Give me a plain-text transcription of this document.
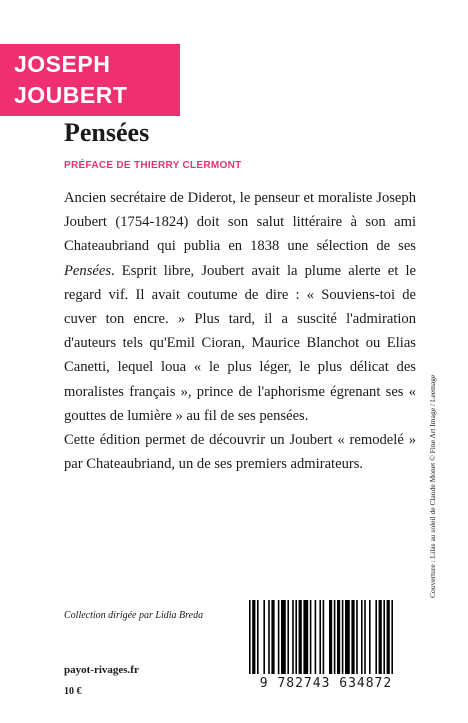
JOSEPH
JOUBERT
Pensées
PRÉFACE DE THIERRY CLERMONT

Ancien secrétaire de Diderot, le penseur et moraliste Joseph Joubert (1754-1824) doit son salut littéraire à son ami Chateaubriand qui publia en 1838 une sélection de ses Pensées. Esprit libre, Joubert avait la plume alerte et le regard vif. Il avait coutume de dire : « Souviens-toi de cuver ton encre. » Plus tard, il a suscité l'admiration d'auteurs tels qu'Emil Cioran, Maurice Blanchot ou Elias Canetti, lequel loua « le plus léger, le plus délicat des moralistes français », prince de l'aphorisme égrenant ses « gouttes de lumière » au fil de ses pensées.

Cette édition permet de découvrir un Joubert « remodelé » par Chateaubriand, un de ses premiers admirateurs.

Collection dirigée par Lidia Breda
payot-rivages.fr
10 €
9 782743 634872
Couverture : Lilas au soleil de Claude Monet © Fine Art Image / Leemage
